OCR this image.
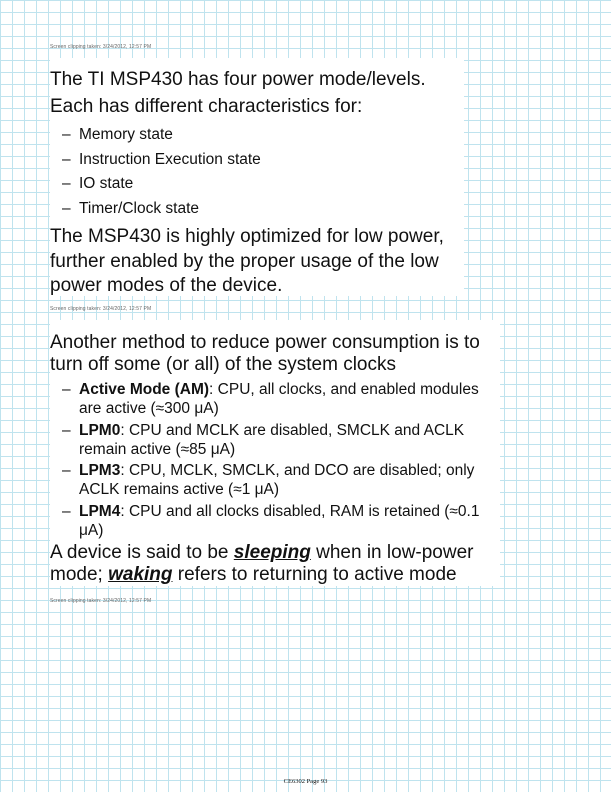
Screen clipping taken: 3/24/2012, 12:57 PM

The TI MSP430 has four power mode/levels.

Each has different characteristics for:

– Memory state
– Instruction Execution state
– IO state
– Timer/Clock state

The MSP430 is highly optimized for low power, further enabled by the proper usage of the low power modes of the device.

Screen clipping taken: 3/24/2012, 12:57 PM

Another method to reduce power consumption is to turn off some (or all) of the system clocks

– Active Mode (AM): CPU, all clocks, and enabled modules are active (≈300 μA)
– LPM0: CPU and MCLK are disabled, SMCLK and ACLK remain active (≈85 μA)
– LPM3: CPU, MCLK, SMCLK, and DCO are disabled; only ACLK remains active (≈1 μA)
– LPM4: CPU and all clocks disabled, RAM is retained (≈0.1 μA)

A device is said to be sleeping when in low-power mode; waking refers to returning to active mode

Screen clipping taken: 3/24/2012, 12:57 PM
CE6302 Page 93
